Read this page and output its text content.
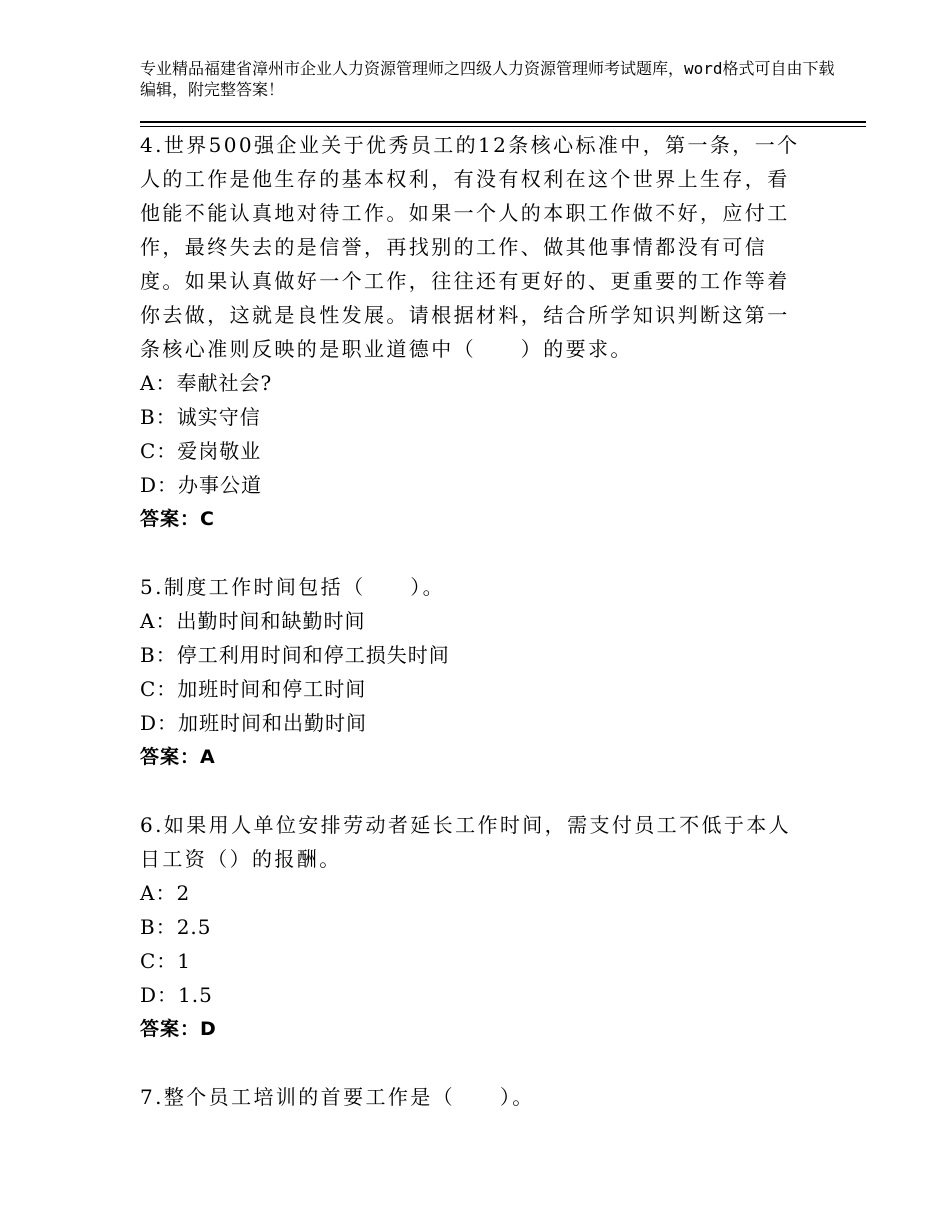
专业精品福建省漳州市企业人力资源管理师之四级人力资源管理师考试题库，word格式可自由下载编辑，附完整答案！
4.世界500强企业关于优秀员工的12条核心标准中，第一条，一个人的工作是他生存的基本权利，有没有权利在这个世界上生存，看他能不能认真地对待工作。如果一个人的本职工作做不好，应付工作，最终失去的是信誉，再找别的工作、做其他事情都没有可信度。如果认真做好一个工作，往往还有更好的、更重要的工作等着你去做，这就是良性发展。请根据材料，结合所学知识判断这第一条核心准则反映的是职业道德中（　　）的要求。
A：奉献社会?
B：诚实守信
C：爱岗敬业
D：办事公道
答案：C
5.制度工作时间包括（　　）。
A：出勤时间和缺勤时间
B：停工利用时间和停工损失时间
C：加班时间和停工时间
D：加班时间和出勤时间
答案：A
6.如果用人单位安排劳动者延长工作时间，需支付员工不低于本人日工资（）的报酬。
A：2
B：2.5
C：1
D：1.5
答案：D
7.整个员工培训的首要工作是（　　）。
